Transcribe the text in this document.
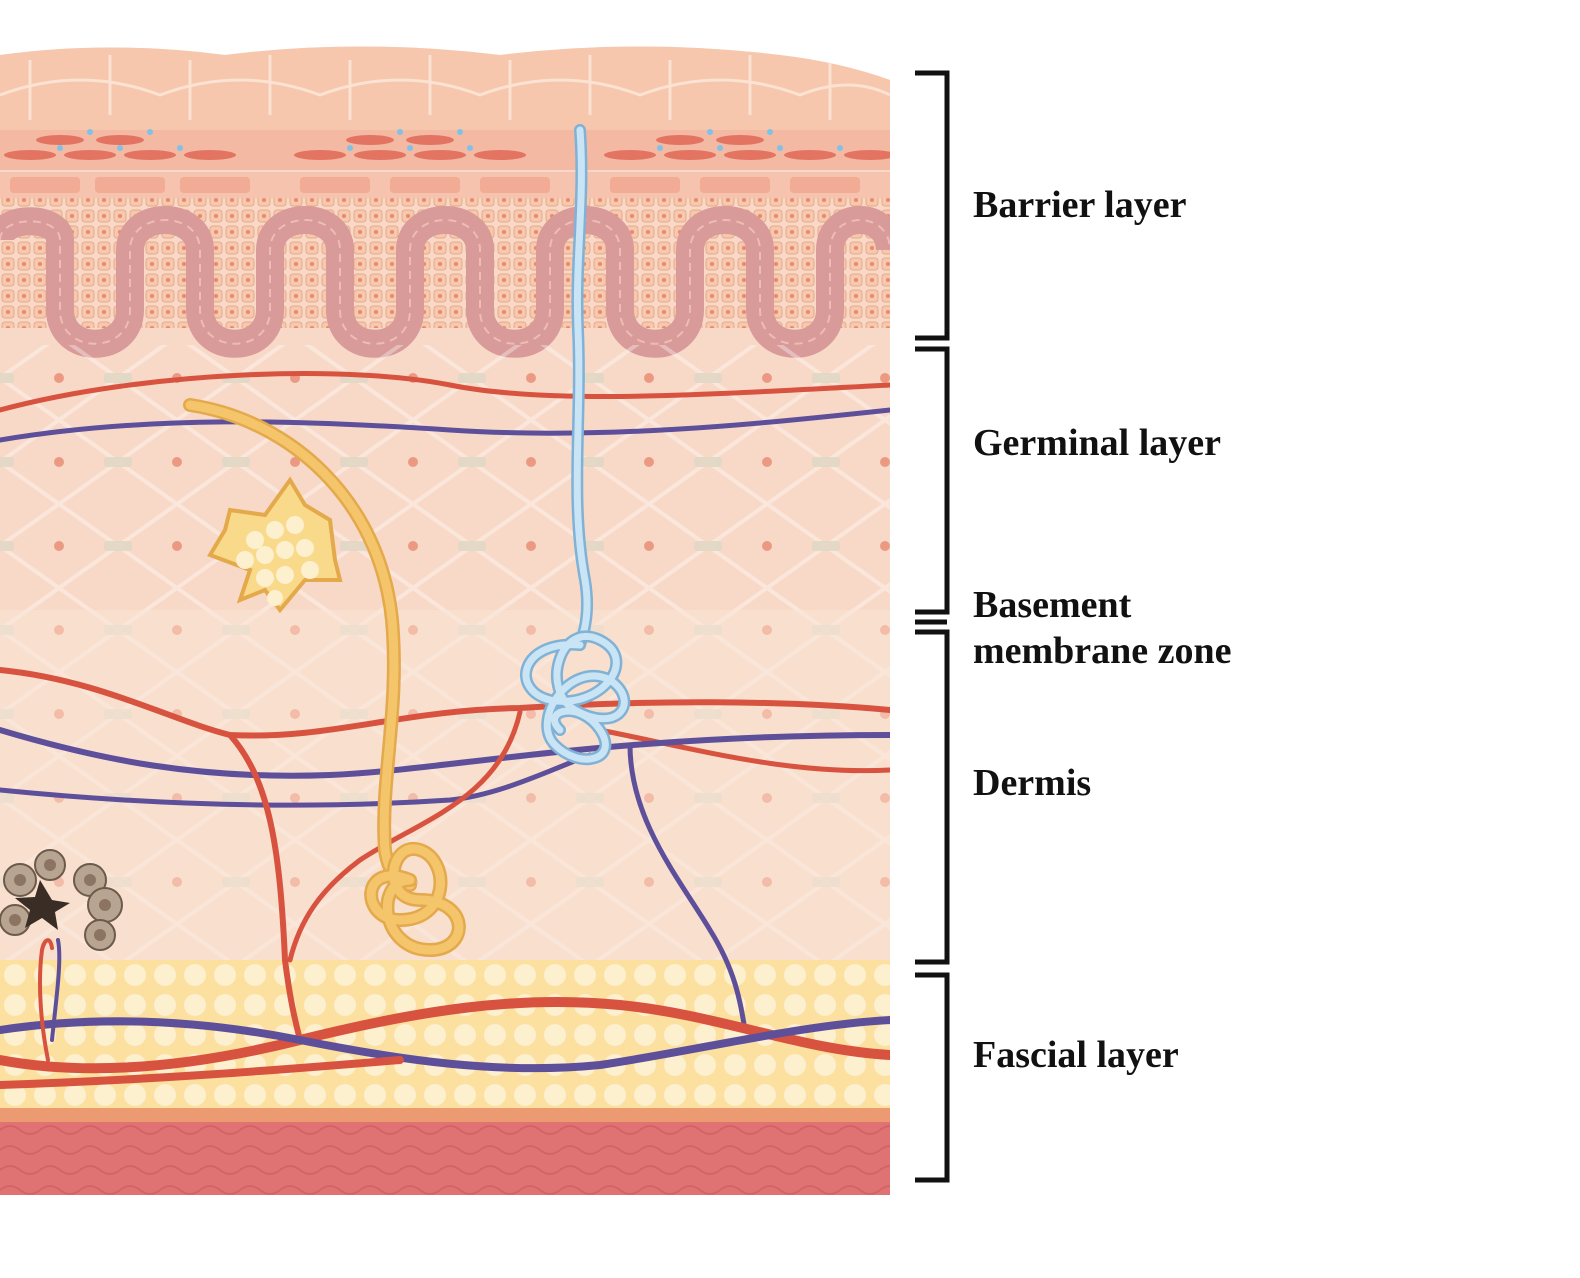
Barrier layer
Germinal layer
Basement
membrane zone
Dermis
Fascial layer
